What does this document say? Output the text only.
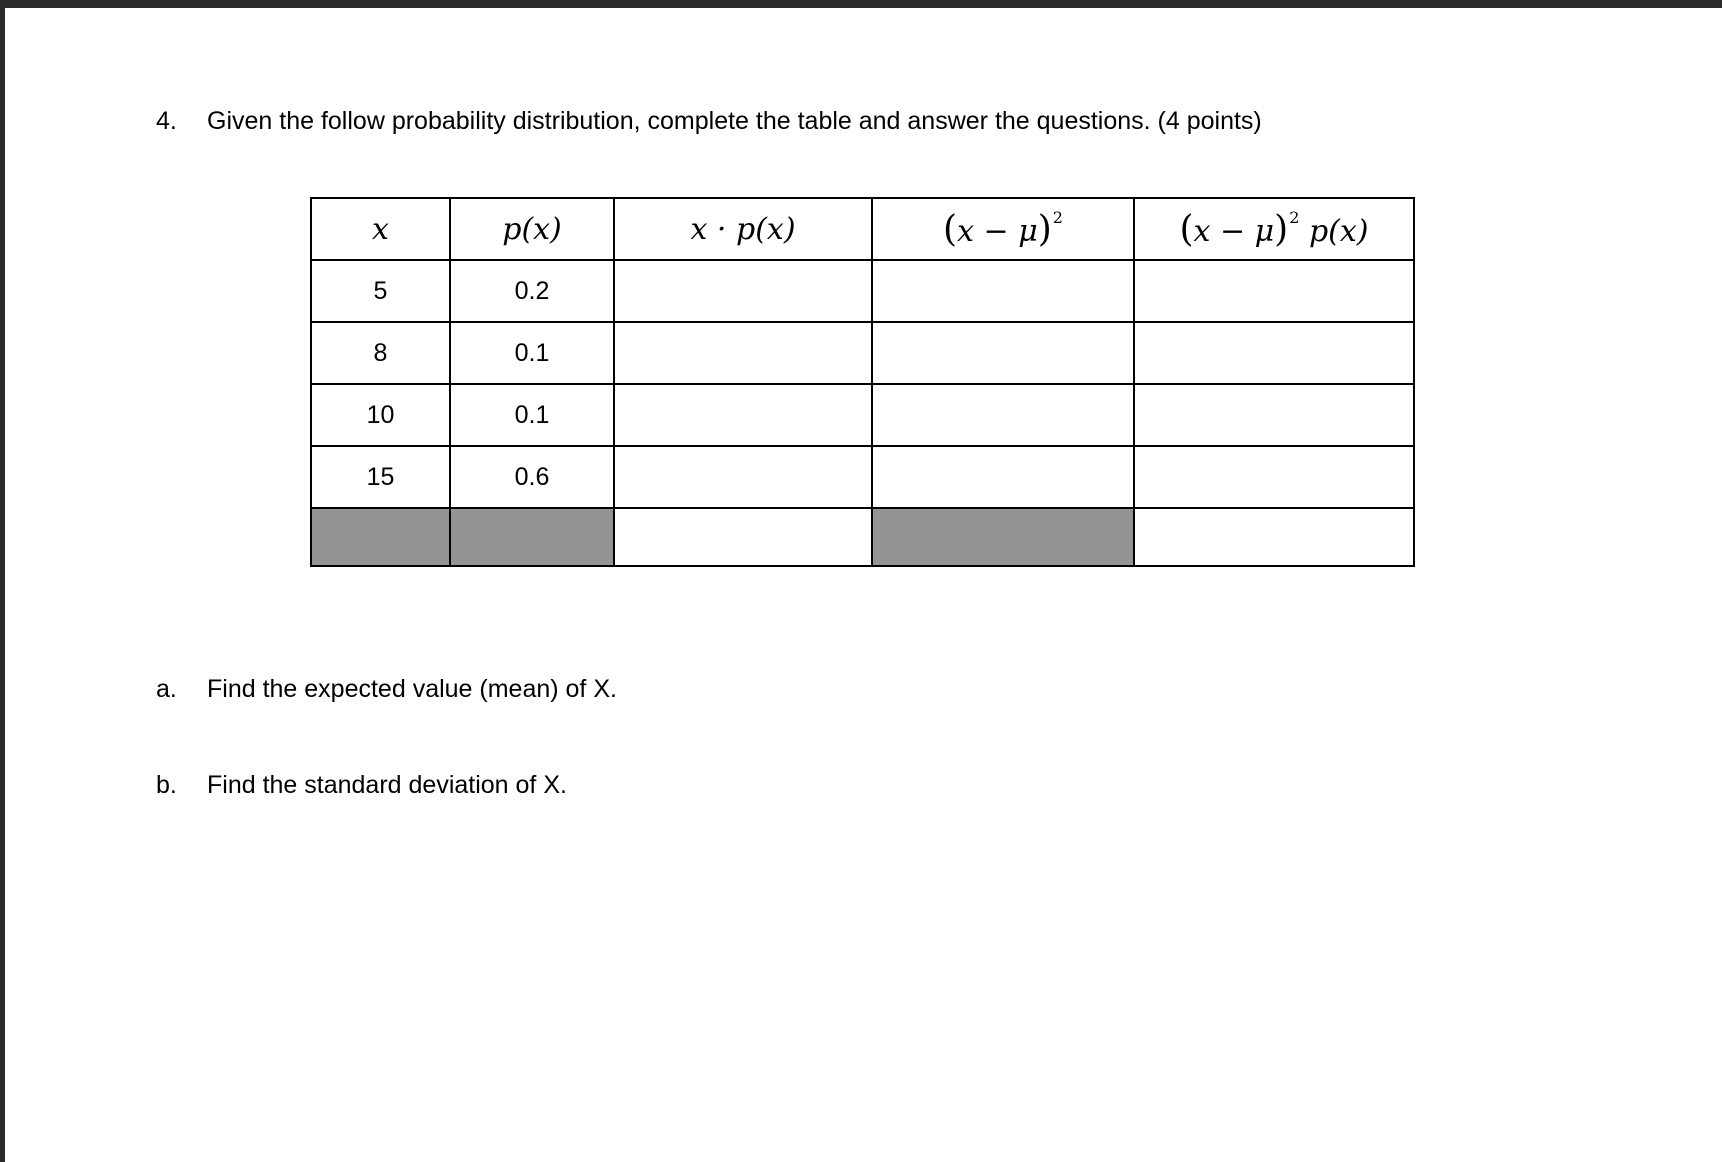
4. Given the follow probability distribution, complete the table and answer the questions. (4 points)
x	p(x)	x · p(x)	$(x - \mu)^2$	$(x - \mu)^2$ p(x)
5	0.2			
8	0.1			
10	0.1			
15	0.6			

a. Find the expected value (mean) of X.
b. Find the standard deviation of X.
